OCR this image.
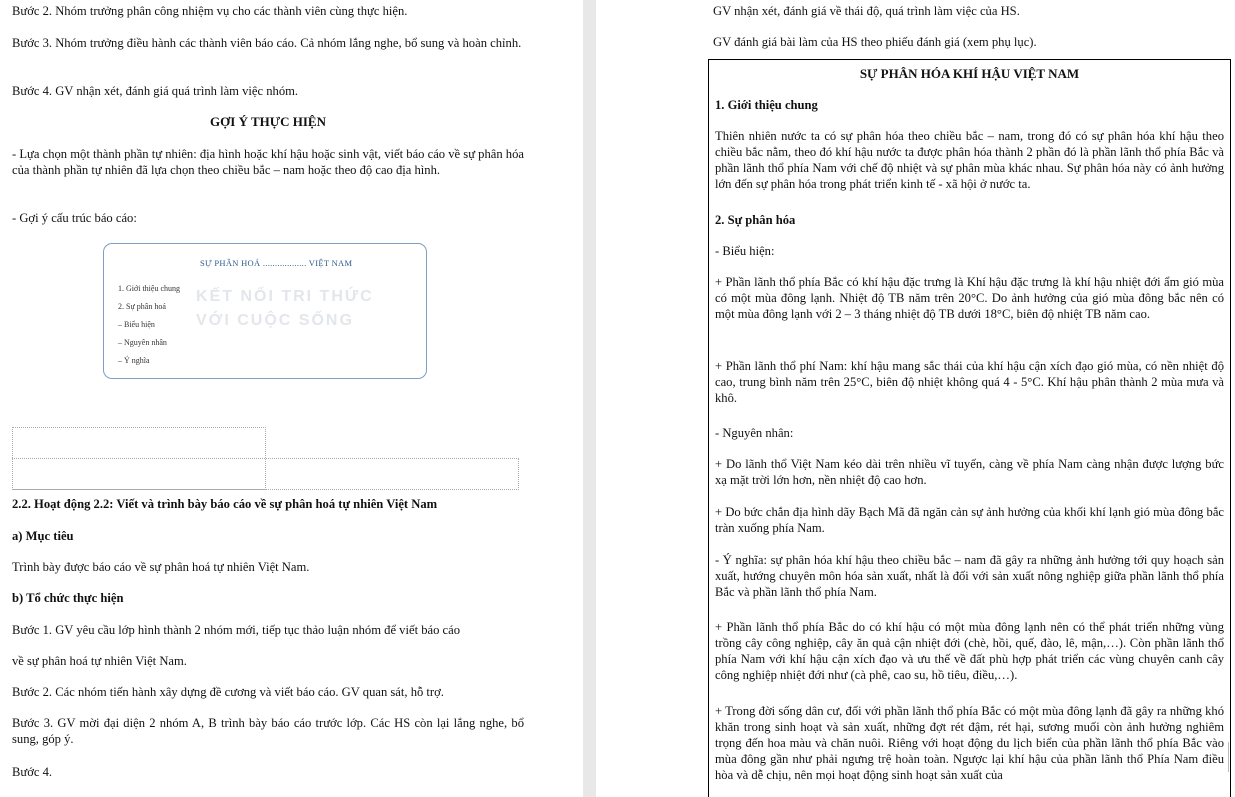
Bước 2. Nhóm trưởng phân công nhiệm vụ cho các thành viên cùng thực hiện.

Bước 3. Nhóm trưởng điều hành các thành viên báo cáo. Cả nhóm lắng nghe, bổ sung và hoàn chỉnh.

Bước 4. GV nhận xét, đánh giá quá trình làm việc nhóm.

GỢI Ý THỰC HIỆN

- Lựa chọn một thành phần tự nhiên: địa hình hoặc khí hậu hoặc sinh vật, viết báo cáo về sự phân hóa của thành phần tự nhiên đã lựa chọn theo chiều bắc – nam hoặc theo độ cao địa hình.

- Gợi ý cấu trúc báo cáo:

KẾT NỐI TRI THỨC
VỚI CUỘC SỐNG
SỰ PHÂN HOÁ .................. VIỆT NAM
1. Giới thiệu chung
2. Sự phân hoá
– Biểu hiện
– Nguyên nhân
– Ý nghĩa

2.2. Hoạt động 2.2: Viết và trình bày báo cáo về sự phân hoá tự nhiên Việt Nam

a) Mục tiêu

Trình bày được báo cáo về sự phân hoá tự nhiên Việt Nam.

b) Tổ chức thực hiện

Bước 1. GV yêu cầu lớp hình thành 2 nhóm mới, tiếp tục thảo luận nhóm để viết báo cáo

về sự phân hoá tự nhiên Việt Nam.

Bước 2. Các nhóm tiến hành xây dựng đề cương và viết báo cáo. GV quan sát, hỗ trợ.

Bước 3. GV mời đại diện 2 nhóm A, B trình bày báo cáo trước lớp. Các HS còn lại lắng nghe, bổ sung, góp ý.

Bước 4.

GV nhận xét, đánh giá về thái độ, quá trình làm việc của HS.

GV đánh giá bài làm của HS theo phiếu đánh giá (xem phụ lục).

SỰ PHÂN HÓA KHÍ HẬU VIỆT NAM

1. Giới thiệu chung

Thiên nhiên nước ta có sự phân hóa theo chiều bắc – nam, trong đó có sự phân hóa khí hậu theo chiều bắc nằm, theo đó khí hậu nước ta được phân hóa thành 2 phần đó là phần lãnh thổ phía Bắc và phần lãnh thổ phía Nam với chế độ nhiệt và sự phân mùa khác nhau. Sự phân hóa này có ảnh hưởng lớn đến sự phân hóa trong phát triển kinh tế - xã hội ở nước ta.

2. Sự phân hóa

- Biểu hiện:

+ Phần lãnh thổ phía Bắc có khí hậu đặc trưng là Khí hậu đặc trưng là khí hậu nhiệt đới ẩm gió mùa có một mùa đông lạnh. Nhiệt độ TB năm trên 20°C. Do ảnh hưởng của gió mùa đông bắc nên có một mùa đông lạnh với 2 – 3 tháng nhiệt độ TB dưới 18°C, biên độ nhiệt TB năm cao.

+ Phần lãnh thổ phí Nam: khí hậu mang sắc thái của khí hậu cận xích đạo gió mùa, có nền nhiệt độ cao, trung bình năm trên 25°C, biên độ nhiệt không quá 4 - 5°C. Khí hậu phân thành 2 mùa mưa và khô.

- Nguyên nhân:

+ Do lãnh thổ Việt Nam kéo dài trên nhiều vĩ tuyến, càng về phía Nam càng nhận được lượng bức xạ mặt trời lớn hơn, nền nhiệt độ cao hơn.

+ Do bức chắn địa hình dãy Bạch Mã đã ngăn cản sự ảnh hưởng của khối khí lạnh gió mùa đông bắc tràn xuống phía Nam.

- Ý nghĩa: sự phân hóa khí hậu theo chiều bắc – nam đã gây ra những ảnh hưởng tới quy hoạch sản xuất, hướng chuyên môn hóa sản xuất, nhất là đối với sản xuất nông nghiệp giữa phần lãnh thổ phía Bắc và phần lãnh thổ phía Nam.

+ Phần lãnh thổ phía Bắc do có khí hậu có một mùa đông lạnh nên có thể phát triển những vùng trồng cây công nghiệp, cây ăn quả cận nhiệt đới (chè, hồi, quế, đào, lê, mận,…). Còn phần lãnh thổ phía Nam với khí hậu cận xích đạo và ưu thế về đất phù hợp phát triển các vùng chuyên canh cây công nghiệp nhiệt đới như (cà phê, cao su, hồ tiêu, điều,…).

+ Trong đời sống dân cư, đối với phần lãnh thổ phía Bắc có một mùa đông lạnh đã gây ra những khó khăn trong sinh hoạt và sản xuất, những đợt rét đậm, rét hại, sương muối còn ảnh hưởng nghiêm trọng đến hoa màu và chăn nuôi. Riêng với hoạt động du lịch biển của phần lãnh thổ phía Bắc vào mùa đông gần như phải ngưng trệ hoàn toàn. Ngược lại khí hậu của phần lãnh thổ Phía Nam điều hòa và dễ chịu, nên mọi hoạt động sinh hoạt sản xuất của
